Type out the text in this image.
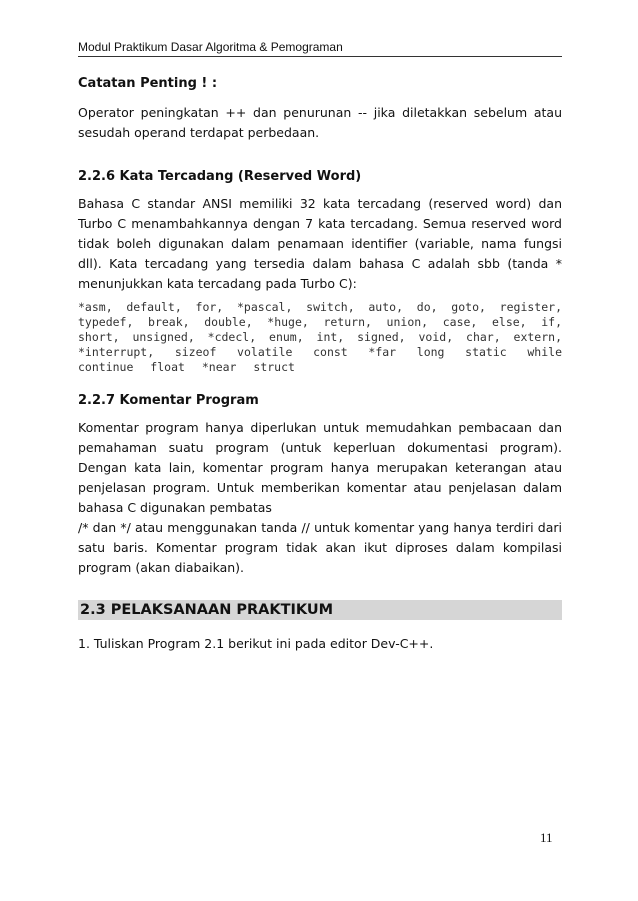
Modul Praktikum Dasar Algoritma & Pemograman

Catatan Penting ! :

Operator peningkatan ++ dan penurunan -- jika diletakkan sebelum atau sesudah operand terdapat perbedaan.

2.2.6 Kata Tercadang (Reserved Word)

Bahasa C standar ANSI memiliki 32 kata tercadang (reserved word) dan Turbo C menambahkannya dengan 7 kata tercadang. Semua reserved word tidak boleh digunakan dalam penamaan identifier (variable, nama fungsi dll). Kata tercadang yang tersedia dalam bahasa C adalah sbb (tanda * menunjukkan kata tercadang pada Turbo C):

*asm, default, for, *pascal, switch, auto, do, goto, register,
typedef, break, double, *huge, return, union, case, else, if,
short, unsigned, *cdecl, enum, int, signed, void, char, extern,
*interrupt, sizeof volatile const *far long static while
continue float *near struct

2.2.7 Komentar Program

Komentar program hanya diperlukan untuk memudahkan pembacaan dan pemahaman suatu program (untuk keperluan dokumentasi program). Dengan kata lain, komentar program hanya merupakan keterangan atau penjelasan program. Untuk memberikan komentar atau penjelasan dalam bahasa C digunakan pembatas

/* dan */ atau menggunakan tanda // untuk komentar yang hanya terdiri dari satu baris. Komentar program tidak akan ikut diproses dalam kompilasi program (akan diabaikan).

2.3 PELAKSANAAN PRAKTIKUM
1. Tuliskan Program 2.1 berikut ini pada editor Dev-C++.
11
